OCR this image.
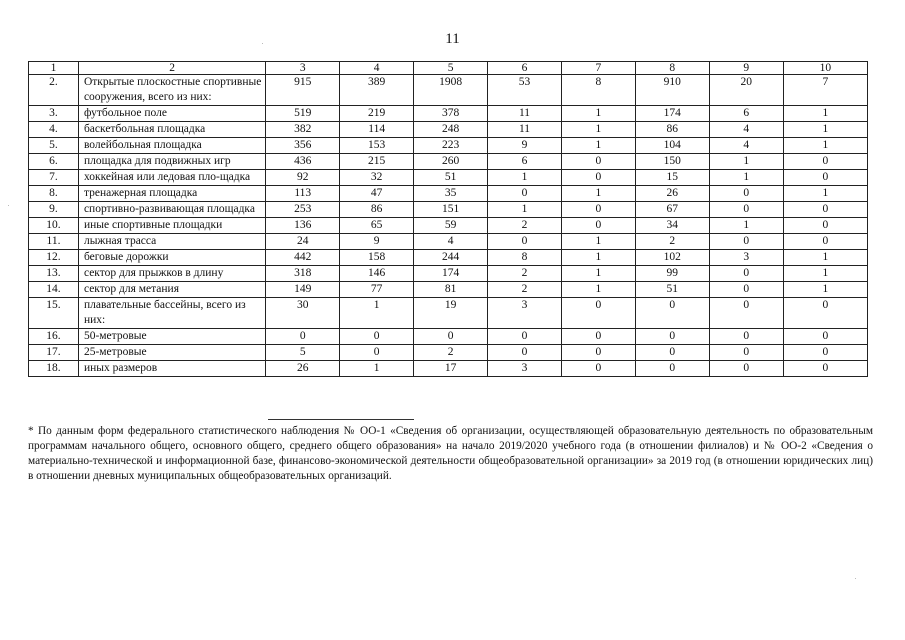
11
1	2	3	4	5	6	7	8	9	10
2.	Открытые плоскостные спортивные сооружения, всего из них:	915	389	1908	53	8	910	20	7
3.	футбольное поле	519	219	378	11	1	174	6	1
4.	баскетбольная площадка	382	114	248	11	1	86	4	1
5.	волейбольная площадка	356	153	223	9	1	104	4	1
6.	площадка для подвижных игр	436	215	260	6	0	150	1	0
7.	хоккейная или ледовая пло-щадка	92	32	51	1	0	15	1	0
8.	тренажерная площадка	113	47	35	0	1	26	0	1
9.	спортивно-развивающая площадка	253	86	151	1	0	67	0	0
10.	иные спортивные площадки	136	65	59	2	0	34	1	0
11.	лыжная трасса	24	9	4	0	1	2	0	0
12.	беговые дорожки	442	158	244	8	1	102	3	1
13.	сектор для прыжков в длину	318	146	174	2	1	99	0	1
14.	сектор для метания	149	77	81	2	1	51	0	1
15.	плавательные бассейны, всего из них:	30	1	19	3	0	0	0	0
16.	50-метровые	0	0	0	0	0	0	0	0
17.	25-метровые	5	0	2	0	0	0	0	0
18.	иных размеров	26	1	17	3	0	0	0	0

* По данным форм федерального статистического наблюдения № ОО-1 «Сведения об организации, осуществляющей образовательную деятельность по образовательным программам начального общего, основного общего, среднего общего образования» на начало 2019/2020 учебного года (в отношении филиалов) и № ОО-2 «Сведения о материально-технической и информационной базе, финансово-экономической деятельности общеобразовательной организации» за 2019 год (в отношении юридических лиц) в отношении дневных муниципальных общеобразовательных организаций.
